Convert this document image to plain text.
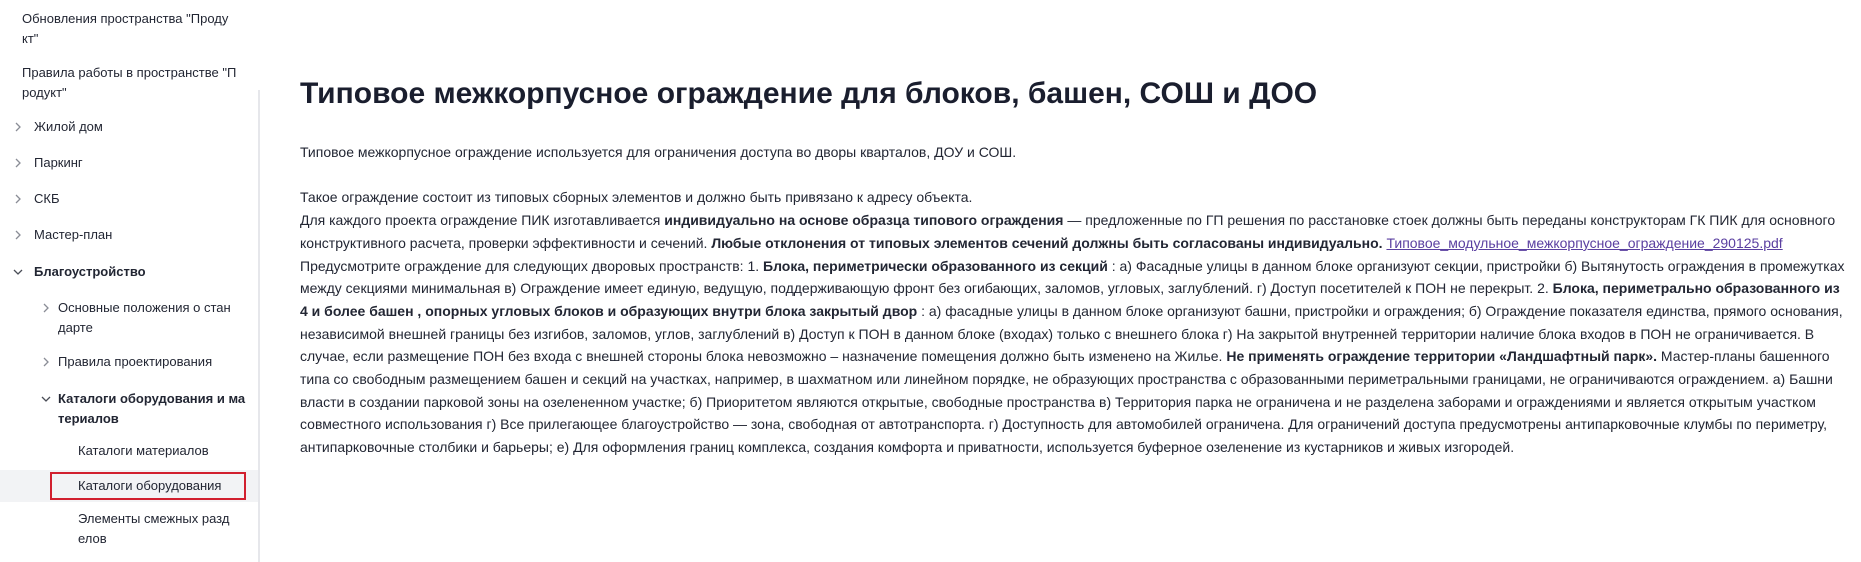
Обновления пространства "Проду
кт"
Правила работы в пространстве "П
родукт"
Жилой дом
Паркинг
СКБ
Мастер-план
Благоустройство
Основные положения о стан
дарте
Правила проектирования
Каталоги оборудования и ма
териалов
Каталоги материалов
Каталоги оборудования
Элементы смежных разд
елов
Типовое межкорпусное ограждение для блоков, башен, СОШ и ДОО

Типовое межкорпусное ограждение используется для ограничения доступа во дворы кварталов, ДОУ и СОШ.

Такое ограждение состоит из типовых сборных элементов и должно быть привязано к адресу объекта.

Для каждого проекта ограждение ПИК изготавливается индивидуально на основе образца типового ограждения — предложенные по ГП решения по расстановке стоек должны быть переданы конструкторам ГК ПИК для основного конструктивного расчета, проверки эффективности и сечений. Любые отклонения от типовых элементов сечений должны быть согласованы индивидуально. Типовое_модульное_межкорпусное_ограждение_290125.pdf

Предусмотрите ограждение для следующих дворовых пространств: 1. Блока, периметрически образованного из секций : а) Фасадные улицы в данном блоке организуют секции, пристройки б) Вытянутость ограждения в промежутках между секциями минимальная в) Ограждение имеет единую, ведущую, поддерживающую фронт без огибающих, заломов, угловых, заглублений. г) Доступ посетителей к ПОН не перекрыт. 2. Блока, периметрально образованного из 4 и более башен , опорных угловых блоков и образующих внутри блока закрытый двор : а) фасадные улицы в данном блоке организуют башни, пристройки и ограждения; б) Ограждение показателя единства, прямого основания, независимой внешней границы без изгибов, заломов, углов, заглублений в) Доступ к ПОН в данном блоке (входах) только с внешнего блока г) На закрытой внутренней территории наличие блока входов в ПОН не ограничивается. В случае, если размещение ПОН без входа с внешней стороны блока невозможно – назначение помещения должно быть изменено на Жилье. Не применять ограждение территории «Ландшафтный парк». Мастер-планы башенного типа со свободным размещением башен и секций на участках, например, в шахматном или линейном порядке, не образующих пространства с образованными периметральными границами, не ограничиваются ограждением. а) Башни власти в создании парковой зоны на озелененном участке; б) Приоритетом являются открытые, свободные пространства в) Территория парка не ограничена и не разделена заборами и ограждениями и является открытым участком совместного использования г) Все прилегающее благоустройство — зона, свободная от автотранспорта. г) Доступность для автомобилей ограничена. Для ограничений доступа предусмотрены антипарковочные клумбы по периметру, антипарковочные столбики и барьеры; е) Для оформления границ комплекса, создания комфорта и приватности, используется буферное озеленение из кустарников и живых изгородей.
